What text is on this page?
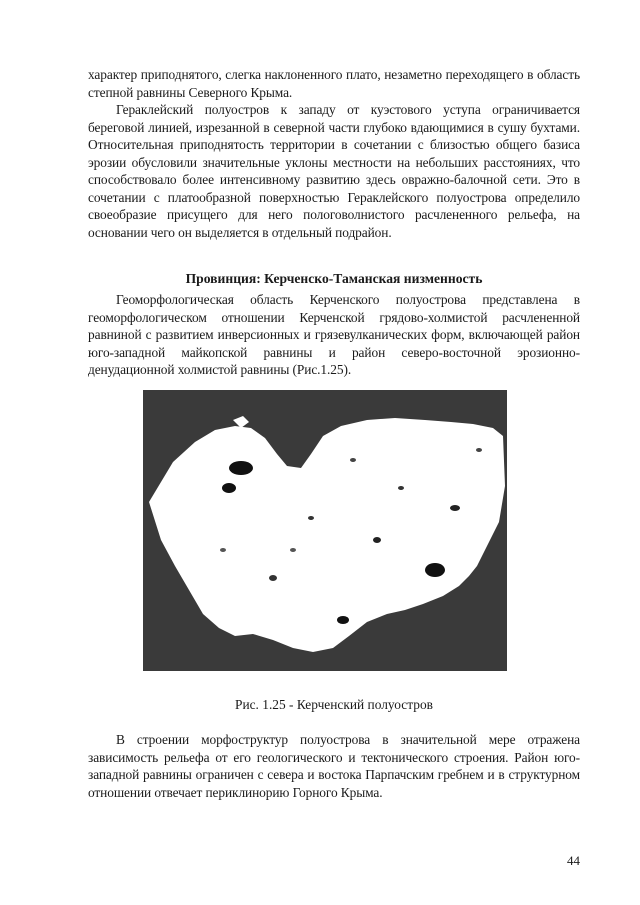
характер приподнятого, слегка наклоненного плато, незаметно переходящего в область степной равнины Северного Крыма.

Гераклейский полуостров к западу от куэстового уступа ограничивается береговой линией, изрезанной в северной части глубоко вдающимися в сушу бухтами. Относительная приподнятость территории в сочетании с близостью общего базиса эрозии обусловили значительные уклоны местности на небольших расстояниях, что способствовало более интенсивному развитию здесь овражно-балочной сети. Это в сочетании с платообразной поверхностью Гераклейского полуострова определило своеобразие присущего для него пологоволнистого расчлененного рельефа, на основании чего он выделяется в отдельный подрайон.

Провинция: Керченско-Таманская низменность

Геоморфологическая область Керченского полуострова представлена в геоморфологическом отношении Керченской грядово-холмистой расчлененной равниной с развитием инверсионных и грязевулканических форм, включающей район юго-западной майкопской равнины и район северо-восточной эрозионно-денудационной холмистой равнины (Рис.1.25).

Рис. 1.25 - Керченский полуостров

В строении морфоструктур полуострова в значительной мере отражена зависимость рельефа от его геологического и тектонического строения. Район юго-западной равнины ограничен с севера и востока Парпачским гребнем и в структурном отношении отвечает периклинорию Горного Крыма.

44
